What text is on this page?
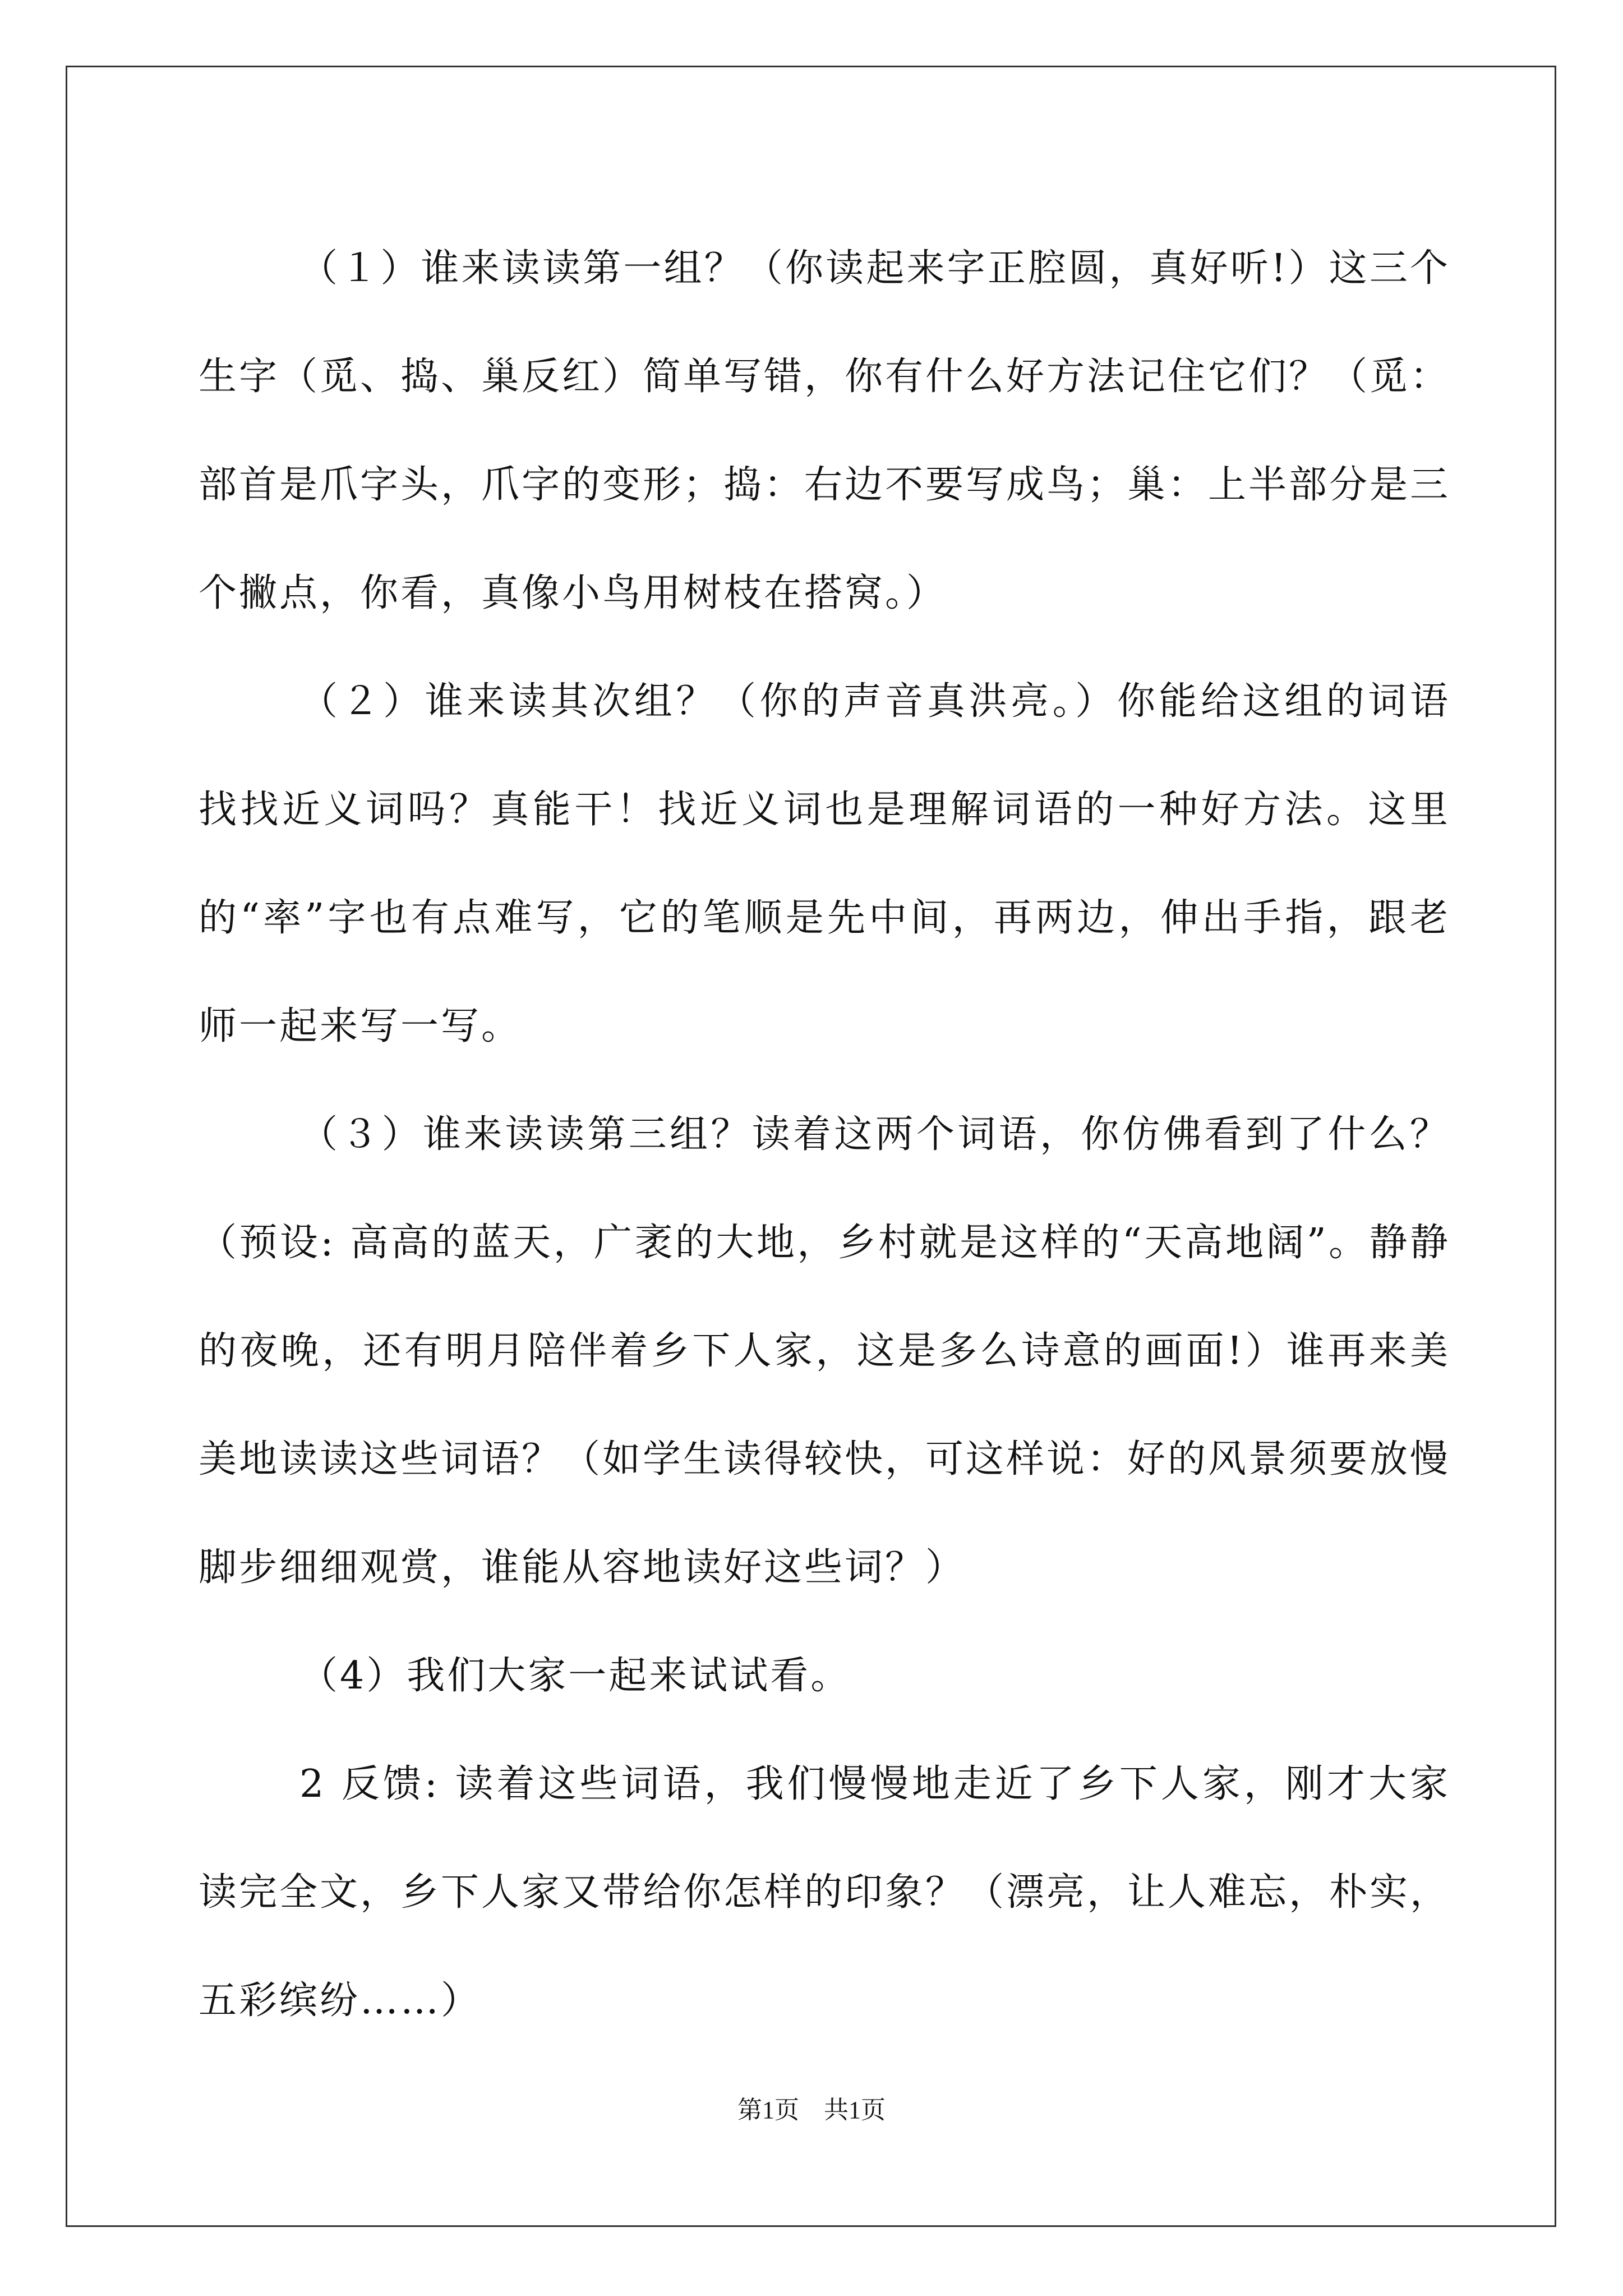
（１）谁来读读第一组？（你读起来字正腔圆，真好听!）这三个生字（觅、捣、巢反红）简单写错，你有什么好方法记住它们？（觅：部首是爪字头，爪字的变形；捣：右边不要写成鸟；巢：上半部分是三个撇点，你看，真像小鸟用树枝在搭窝。）

（２）谁来读其次组？（你的声音真洪亮。）你能给这组的词语找找近义词吗？真能干！找近义词也是理解词语的一种好方法。这里的“率”字也有点难写，它的笔顺是先中间，再两边，伸出手指，跟老师一起来写一写。

（３）谁来读读第三组？读着这两个词语，你仿佛看到了什么？（预设: 高高的蓝天，广袤的大地，乡村就是这样的“天高地阔”。静静的夜晚，还有明月陪伴着乡下人家，这是多么诗意的画面!）谁再来美美地读读这些词语？（如学生读得较快，可这样说：好的风景须要放慢脚步细细观赏，谁能从容地读好这些词？）

（4）我们大家一起来试试看。

2 反馈: 读着这些词语，我们慢慢地走近了乡下人家，刚才大家读完全文，乡下人家又带给你怎样的印象？（漂亮，让人难忘，朴实，五彩缤纷……）

第1页　共1页
